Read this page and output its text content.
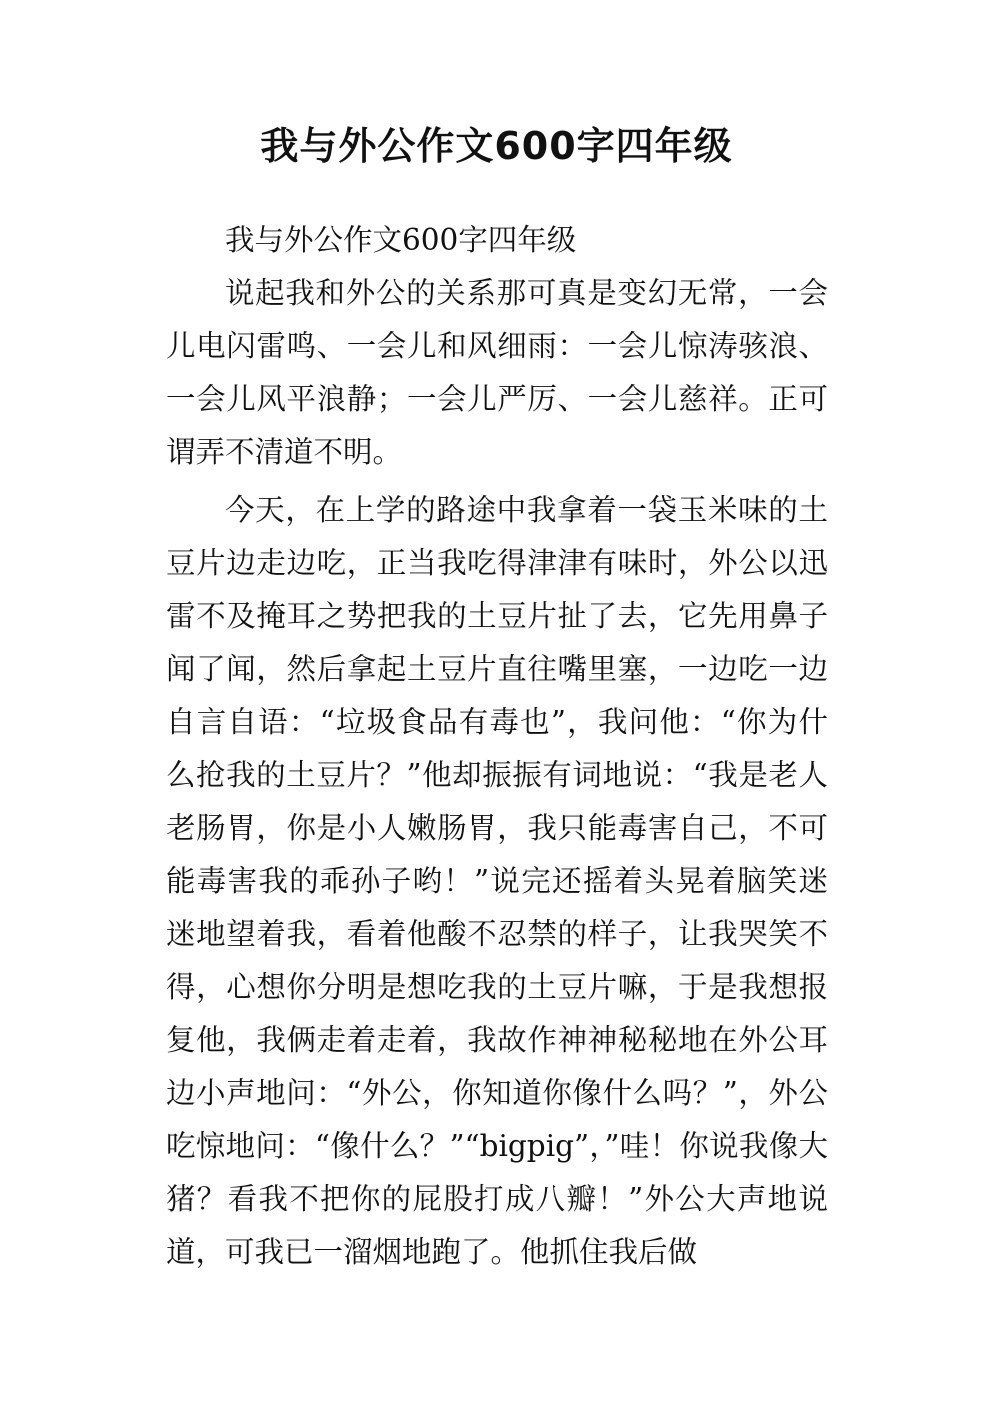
我与外公作文600字四年级

我与外公作文600字四年级

说起我和外公的关系那可真是变幻无常，一会儿电闪雷鸣、一会儿和风细雨：一会儿惊涛骇浪、一会儿风平浪静；一会儿严厉、一会儿慈祥。正可谓弄不清道不明。

今天，在上学的路途中我拿着一袋玉米味的土豆片边走边吃，正当我吃得津津有味时，外公以迅雷不及掩耳之势把我的土豆片扯了去，它先用鼻子闻了闻，然后拿起土豆片直往嘴里塞，一边吃一边自言自语：“垃圾食品有毒也”，我问他：“你为什么抢我的土豆片？”他却振振有词地说：“我是老人老肠胃，你是小人嫩肠胃，我只能毒害自己，不可能毒害我的乖孙子哟！”说完还摇着头晃着脑笑迷迷地望着我，看着他酸不忍禁的样子，让我哭笑不得，心想你分明是想吃我的土豆片嘛，于是我想报复他，我俩走着走着，我故作神神秘秘地在外公耳边小声地问：“外公，你知道你像什么吗？”，外公吃惊地问：“像什么？”“bigpig”，”哇！你说我像大猪？看我不把你的屁股打成八瓣！”外公大声地说道，可我已一溜烟地跑了。他抓住我后做
